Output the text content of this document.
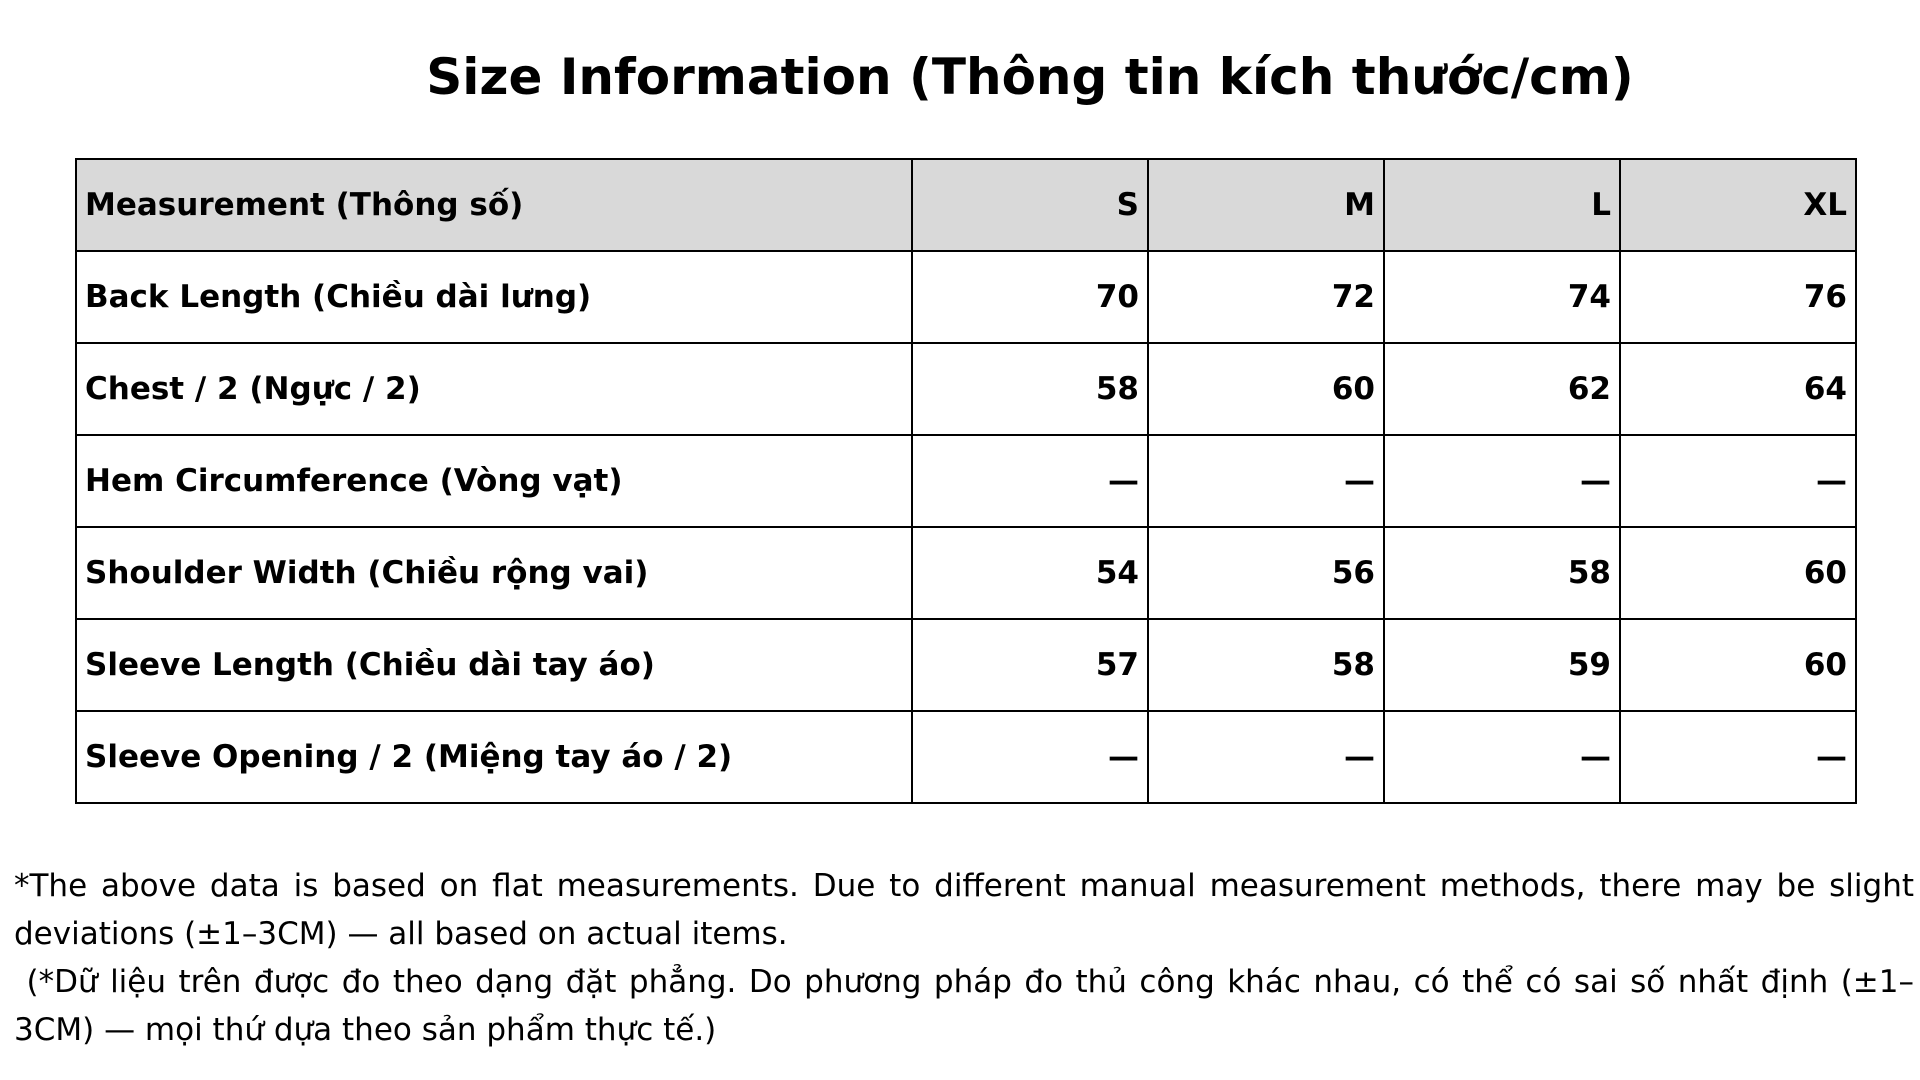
Size Information (Thông tin kích thước/cm)
Measurement (Thông số)	S	M	L	XL
Back Length (Chiều dài lưng)	70	72	74	76
Chest / 2 (Ngực / 2)	58	60	62	64
Hem Circumference (Vòng vạt)	—	—	—	—
Shoulder Width (Chiều rộng vai)	54	56	58	60
Sleeve Length (Chiều dài tay áo)	57	58	59	60
Sleeve Opening / 2 (Miệng tay áo / 2)	—	—	—	—

*The above data is based on flat measurements. Due to different manual measurement methods, there may be slight deviations (±1–3CM) — all based on actual items.

(*Dữ liệu trên được đo theo dạng đặt phẳng. Do phương pháp đo thủ công khác nhau, có thể có sai số nhất định (±1–3CM) — mọi thứ dựa theo sản phẩm thực tế.)
